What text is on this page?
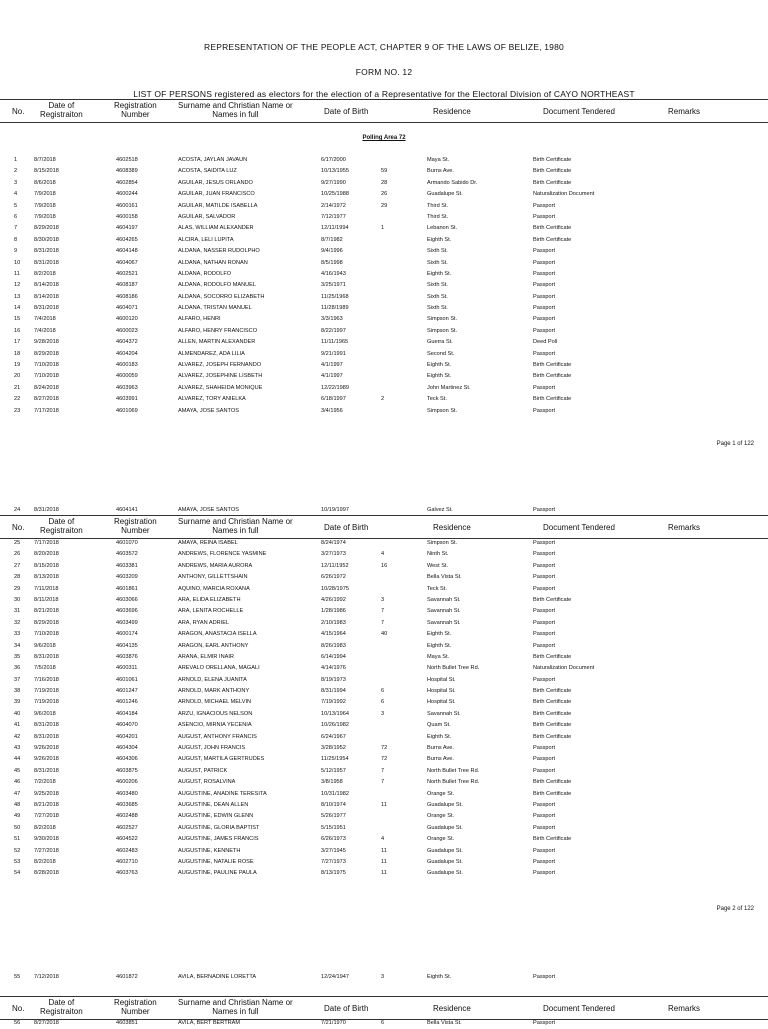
REPRESENTATION OF THE PEOPLE ACT, CHAPTER 9 OF THE LAWS OF BELIZE, 1980
FORM NO. 12
LIST OF PERSONS registered as electors for the election of a Representative for the Electoral Division of CAYO NORTHEAST
No.
Date of
Registraiton
Registration
Number
Surname and Christian Name or
Names in full	Date of Birth	Residence	Document Tendered	Remarks
Polling Area 72
1	8/7/2018	4602518	ACOSTA, JAYLAN JAVAUN	6/17/2000	Maya St.	Birth Certificate
2	8/15/2018	4608389	ACOSTA, SAIDITA LUZ	10/13/1955	59	Burns Ave.	Birth Certificate
3	8/6/2018	4602854	AGUILAR, JESUS ORLANDO	9/27/1990	28	Armando Sabido Dr.	Birth Certificate
4	7/9/2018	4600244	AGUILAR, JUAN FRANCISCO	10/25/1988	26	Guadalupe St.	Naturalization Document
5	7/9/2018	4600161	AGUILAR, MATILDE ISABELLA	2/14/1972	29	Third St.	Passport
6	7/9/2018	4600158	AGUILAR, SALVADOR	7/12/1977	Third St.	Passport
7	8/29/2018	4604197	ALAS, WILLIAM ALEXANDER	12/11/1994	1	Lebanon St.	Birth Certificate
8	8/30/2018	4604265	ALCIRA, LELI LUPITA	8/7/1982	Eighth St.	Birth Certificate
9	8/31/2018	4604148	ALDANA, NASSER RUDOLPHO	9/4/1996	Sixth St.	Passport
10 8/31/2018	4604067	ALDANA, NATHAN RONAN	8/5/1998	Sixth St.	Passport
11	8/2/2018	4602521	ALDANA, RODOLFO	4/16/1943	Eighth St.	Passport
12 8/14/2018	4608187	ALDANA, RODOLFO MANUEL	3/25/1971	Sixth St.	Passport
13 8/14/2018	4608186	ALDANA, SOCORRO ELIZABETH	11/25/1968	Sixth St.	Passport
14 8/31/2018	4604071	ALDANA, TRISTAN MANUEL	11/28/1989	Sixth St.	Passport
15 7/4/2018	4600120	ALFARO, HENRI	3/3/1963	Simpson St.	Passport
16 7/4/2018	4600023	ALFARO, HENRY FRANCISCO	8/22/1997	Simpson St.	Passport
17 9/28/2018	4604372	ALLEN, MARTIN ALEXANDER	11/11/1965	Guerra St.	Deed Poll
18 8/29/2018	4604204	ALMENDAREZ, ADA LILIA	9/21/1991	Second St.	Passport
19 7/10/2018	4600183	ALVAREZ, JOSEPH FERNANDO	4/1/1997	Eighth St.	Birth Certificate
20 7/10/2018	4600059	ALVAREZ, JOSEPHINE LISBETH	4/1/1997	Eighth St.	Birth Certificate
21 8/24/2018	4603963	ALVAREZ, SHAHEIDA MONIQUE	12/22/1989	John Martinez St.	Passport
22 8/27/2018	4603991	ALVAREZ, TORY ANIELKA	6/18/1997	2	Teck St.	Birth Certificate
23 7/17/2018	4601069	AMAYA, JOSE SANTOS	3/4/1956	Simpson St.	Passport
Page 1 of 122
24 8/31/2018	4604141	AMAYA, JOSE SANTOS	10/19/1997	Galvez St.	Passport
No.
Date of
Registraiton
Registration
Number
Surname and Christian Name or
Names in full	Date of Birth	Residence	Document Tendered	Remarks
25 7/17/2018	4601070	AMAYA, REINA ISABEL	8/24/1974	Simpson St.	Passport
26 8/20/2018	4603572	ANDREWS, FLORENCE YASMINE	3/27/1973	4	Ninth St.	Passport
27 8/15/2018	4603381	ANDREWS, MARIA AURORA	12/11/1952	16	West St.	Passport
28 8/13/2018	4603209	ANTHONY, GILLETTSHAIN	6/26/1972	Bella Vista St.	Passport
29 7/11/2018	4601861	AQUINO, MARCIA ROXANA	10/28/1975	Teck St.	Passport
30 8/11/2018	4603066	ARA, ELIDA ELIZABETH	4/26/1992	3	Savannah St.	Birth Certificate
31 8/21/2018	4603696	ARA, LENITA ROCHELLE	1/28/1986	7	Savannah St.	Passport
32 8/29/2018	4603499	ARA, RYAN ADRIEL	2/10/1983	7	Savannah St.	Passport
33 7/10/2018	4600174	ARAGON, ANASTACIA ISELLA	4/15/1964	40	Eighth St.	Passport
34 9/6/2018	4604135	ARAGON, EARL ANTHONY	8/26/1983	Eighth St.	Passport
35 8/31/2018	4603876	ARANA, ELMIR INAIR	6/14/1994	Maya St.	Birth Certificate
36 7/5/2018	4600311	AREVALO ORELLANA, MAGALI	4/14/1976	North Bullet Tree Rd.	Naturalization Document
37 7/16/2018	4601061	ARNOLD, ELENA JUANITA	8/19/1973	Hospital St.	Passport
38 7/19/2018	4601247	ARNOLD, MARK ANTHONY	8/31/1994	6	Hospital St.	Birth Certificate
39 7/19/2018	4601246	ARNOLD, MICHAEL MELVIN	7/19/1992	6	Hospital St.	Birth Certificate
40 9/6/2018	4604184	ARZU, IGNACIOUS NELSON	10/13/1964	3	Savannah St.	Birth Certificate
41 8/31/2018	4604070	ASENCIO, MIRNIA YECENIA	10/26/1982	Quam St.	Birth Certificate
42 8/31/2018	4604201	AUGUST, ANTHONY FRANCIS	6/24/1967	Eighth St.	Birth Certificate
43 9/26/2018	4604304	AUGUST, JOHN FRANCIS	3/28/1952	72	Burns Ave.	Passport
44 9/26/2018	4604306	AUGUST, MARTILA GERTRUDES	11/25/1954	72	Burns Ave.	Passport
45 8/31/2018	4603875	AUGUST, PATRICK	5/12/1957	7	North Bullet Tree Rd.	Passport
46 7/2/2018	4600206	AUGUST, ROSALVINA	3/8/1958	7	North Bullet Tree Rd.	Birth Certificate
47 9/25/2018	4603480	AUGUSTINE, ANADINE TERESITA	10/31/1982	Orange St.	Birth Certificate
48 8/21/2018	4603685	AUGUSTINE, DEAN ALLEN	8/10/1974	11	Guadalupe St.	Passport
49 7/27/2018	4602488	AUGUSTINE, EDWIN GLENN	5/26/1977	Orange St.	Passport
50 8/2/2018	4602527	AUGUSTINE, GLORIA BAPTIST	5/15/1951	Guadalupe St.	Passport
51 9/30/2018	4604522	AUGUSTINE, JAMES FRANCIS	6/26/1973	4	Orange St.	Birth Certificate
52 7/27/2018	4602483	AUGUSTINE, KENNETH	3/27/1945	11	Guadalupe St.	Passport
53 8/2/2018	4602710	AUGUSTINE, NATALIE ROSE	7/27/1973	11	Guadalupe St.	Passport
54 8/28/2018	4603763	AUGUSTINE, PAULINE PAULA	8/13/1975	11	Guadalupe St.	Passport
Page 2 of 122
55 7/12/2018	4601872	AVILA, BERNADINE LORETTA	12/24/1947	3	Eighth St.	Passport
No.
Date of
Registraiton
Registration
Number
Surname and Christian Name or
Names in full	Date of Birth	Residence	Document Tendered	Remarks
56 8/27/2018	4603851	AVILA, BERT BERTRAM	7/21/1970	6	Bella Vista St.	Passport
